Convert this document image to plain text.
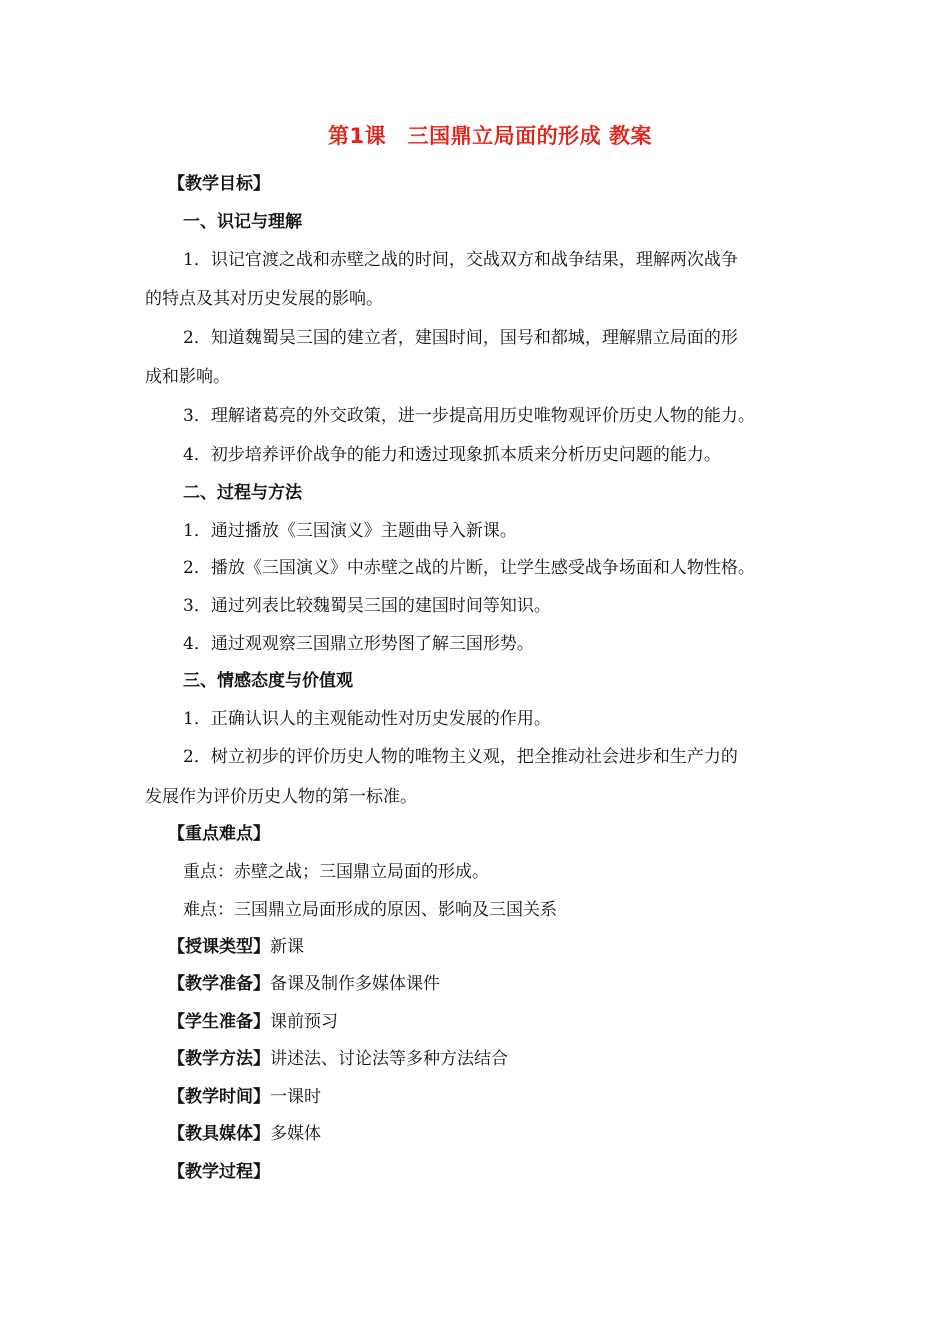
第1课　三国鼎立局面的形成 教案
【教学目标】
一、识记与理解
1．识记官渡之战和赤壁之战的时间，交战双方和战争结果，理解两次战争
的特点及其对历史发展的影响。
2．知道魏蜀吴三国的建立者，建国时间，国号和都城，理解鼎立局面的形
成和影响。
3．理解诸葛亮的外交政策，进一步提高用历史唯物观评价历史人物的能力。
4．初步培养评价战争的能力和透过现象抓本质来分析历史问题的能力。
二、过程与方法
1．通过播放《三国演义》主题曲导入新课。
2．播放《三国演义》中赤壁之战的片断，让学生感受战争场面和人物性格。
3．通过列表比较魏蜀吴三国的建国时间等知识。
4．通过观观察三国鼎立形势图了解三国形势。
三、情感态度与价值观
1．正确认识人的主观能动性对历史发展的作用。
2．树立初步的评价历史人物的唯物主义观，把全推动社会进步和生产力的
发展作为评价历史人物的第一标准。
【重点难点】
重点：赤壁之战；三国鼎立局面的形成。
难点：三国鼎立局面形成的原因、影响及三国关系
【授课类型】新课
【教学准备】备课及制作多媒体课件
【学生准备】课前预习
【教学方法】讲述法、讨论法等多种方法结合
【教学时间】一课时
【教具媒体】多媒体
【教学过程】
